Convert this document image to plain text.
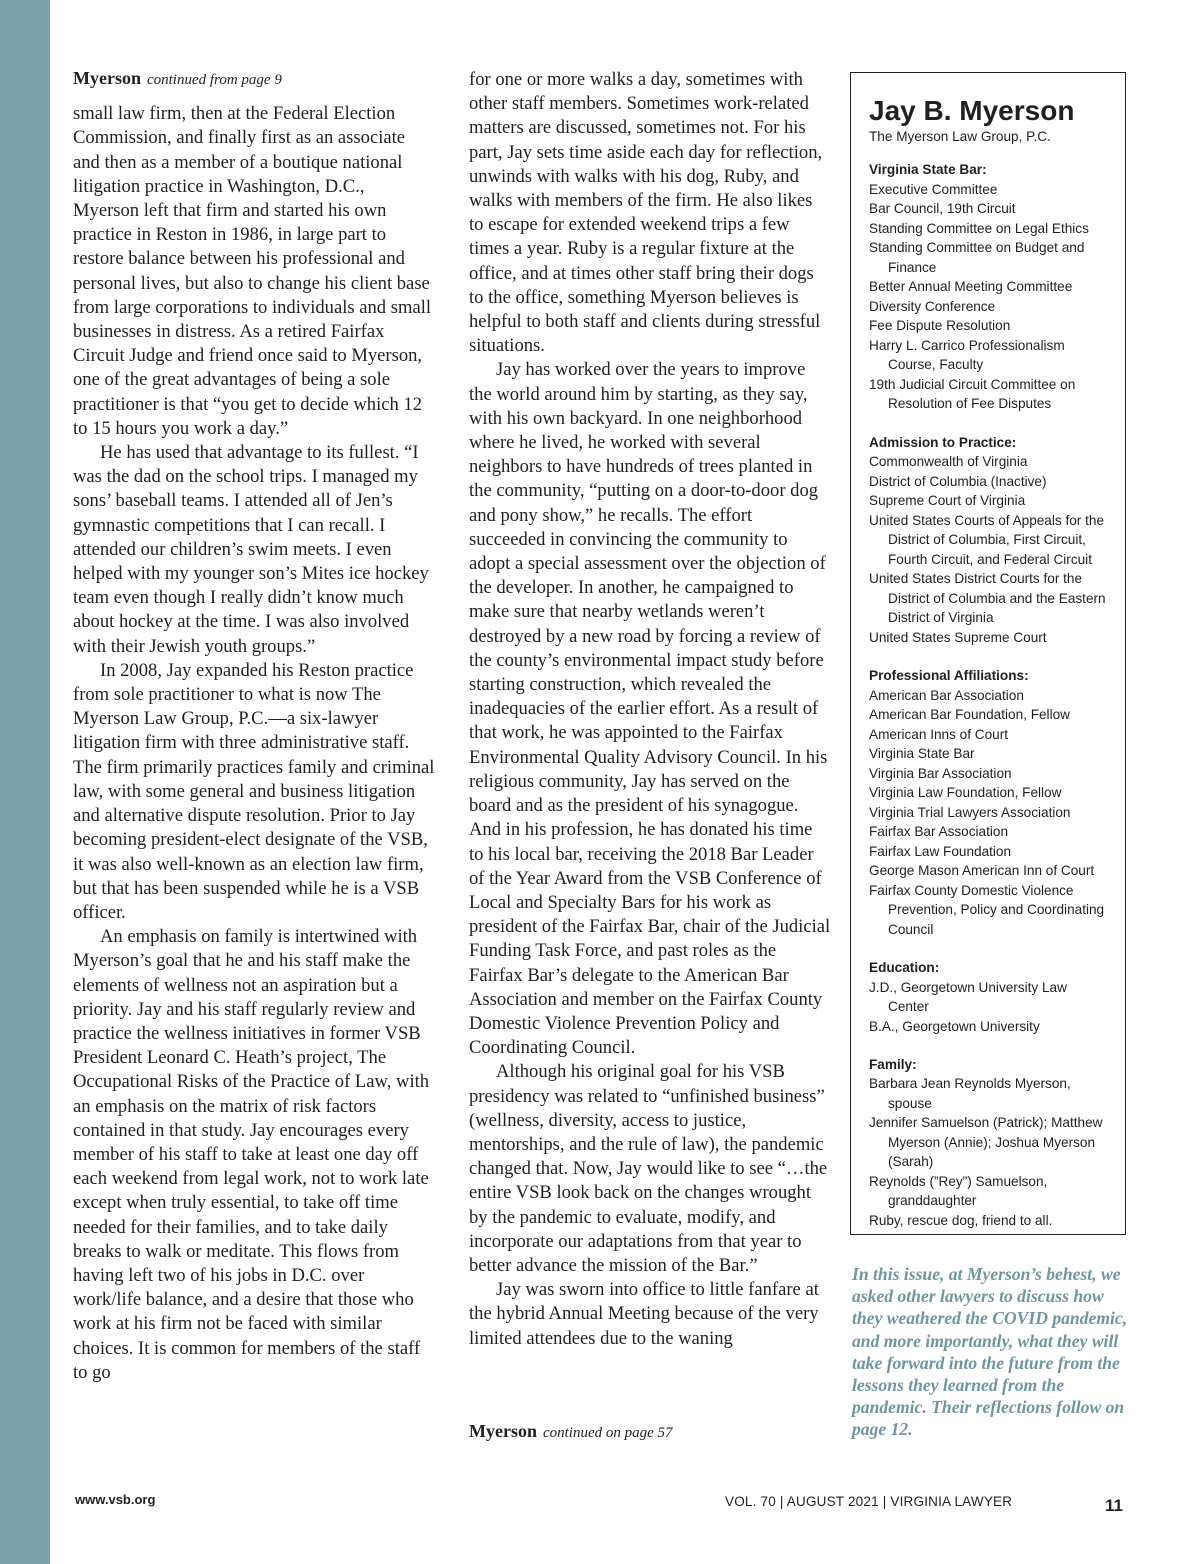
Myerson continued from page 9

small law firm, then at the Federal Election Commission, and finally first as an associate and then as a member of a boutique national litigation practice in Washington, D.C., Myerson left that firm and started his own practice in Reston in 1986, in large part to restore balance between his professional and personal lives, but also to change his client base from large corporations to individuals and small businesses in distress. As a retired Fairfax Circuit Judge and friend once said to Myerson, one of the great advantages of being a sole practitioner is that “you get to decide which 12 to 15 hours you work a day.”

He has used that advantage to its fullest. “I was the dad on the school trips. I managed my sons’ baseball teams. I attended all of Jen’s gymnastic competitions that I can recall. I attended our children’s swim meets. I even helped with my younger son’s Mites ice hockey team even though I really didn’t know much about hockey at the time. I was also involved with their Jewish youth groups.”

In 2008, Jay expanded his Reston practice from sole practitioner to what is now The Myerson Law Group, P.C.—a six-lawyer litigation firm with three administrative staff. The firm primarily practices family and criminal law, with some general and business litigation and alternative dispute resolution. Prior to Jay becoming president-elect designate of the VSB, it was also well-known as an election law firm, but that has been suspended while he is a VSB officer.

An emphasis on family is intertwined with Myerson’s goal that he and his staff make the elements of wellness not an aspiration but a priority. Jay and his staff regularly review and practice the wellness initiatives in former VSB President Leonard C. Heath’s project, The Occupational Risks of the Practice of Law, with an emphasis on the matrix of risk factors contained in that study. Jay encourages every member of his staff to take at least one day off each weekend from legal work, not to work late except when truly essential, to take off time needed for their families, and to take daily breaks to walk or meditate. This flows from having left two of his jobs in D.C. over work/life balance, and a desire that those who work at his firm not be faced with similar choices. It is common for members of the staff to go

for one or more walks a day, sometimes with other staff members. Sometimes work-related matters are discussed, sometimes not. For his part, Jay sets time aside each day for reflection, unwinds with walks with his dog, Ruby, and walks with members of the firm. He also likes to escape for extended weekend trips a few times a year. Ruby is a regular fixture at the office, and at times other staff bring their dogs to the office, something Myerson believes is helpful to both staff and clients during stressful situations.

Jay has worked over the years to improve the world around him by starting, as they say, with his own backyard. In one neighborhood where he lived, he worked with several neighbors to have hundreds of trees planted in the community, “putting on a door-to-door dog and pony show,” he recalls. The effort succeeded in convincing the community to adopt a special assessment over the objection of the developer. In another, he campaigned to make sure that nearby wetlands weren’t destroyed by a new road by forcing a review of the county’s environmental impact study before starting construction, which revealed the inadequacies of the earlier effort. As a result of that work, he was appointed to the Fairfax Environmental Quality Advisory Council. In his religious community, Jay has served on the board and as the president of his synagogue. And in his profession, he has donated his time to his local bar, receiving the 2018 Bar Leader of the Year Award from the VSB Conference of Local and Specialty Bars for his work as president of the Fairfax Bar, chair of the Judicial Funding Task Force, and past roles as the Fairfax Bar’s delegate to the American Bar Association and member on the Fairfax County Domestic Violence Prevention Policy and Coordinating Council.

Although his original goal for his VSB presidency was related to “unfinished business” (wellness, diversity, access to justice, mentorships, and the rule of law), the pandemic changed that. Now, Jay would like to see “…the entire VSB look back on the changes wrought by the pandemic to evaluate, modify, and incorporate our adaptations from that year to better advance the mission of the Bar.”

Jay was sworn into office to little fanfare at the hybrid Annual Meeting because of the very limited attendees due to the waning

Myerson continued on page 57
Jay B. Myerson

The Myerson Law Group, P.C.

Virginia State Bar:

Executive Committee
Bar Council, 19th Circuit
Standing Committee on Legal Ethics
Standing Committee on Budget and Finance
Better Annual Meeting Committee
Diversity Conference
Fee Dispute Resolution
Harry L. Carrico Professionalism Course, Faculty
19th Judicial Circuit Committee on Resolution of Fee Disputes

Admission to Practice:

Commonwealth of Virginia
District of Columbia (Inactive)
Supreme Court of Virginia
United States Courts of Appeals for the District of Columbia, First Circuit, Fourth Circuit, and Federal Circuit
United States District Courts for the District of Columbia and the Eastern District of Virginia
United States Supreme Court

Professional Affiliations:

American Bar Association
American Bar Foundation, Fellow
American Inns of Court
Virginia State Bar
Virginia Bar Association
Virginia Law Foundation, Fellow
Virginia Trial Lawyers Association
Fairfax Bar Association
Fairfax Law Foundation
George Mason American Inn of Court
Fairfax County Domestic Violence Prevention, Policy and Coordinating Council

Education:

J.D., Georgetown University Law Center
B.A., Georgetown University

Family:

Barbara Jean Reynolds Myerson, spouse
Jennifer Samuelson (Patrick); Matthew Myerson (Annie); Joshua Myerson (Sarah)
Reynolds (”Rey”) Samuelson, granddaughter
Ruby, rescue dog, friend to all.

In this issue, at Myerson’s behest, we asked other lawyers to discuss how they weathered the COVID pandemic, and more importantly, what they will take forward into the future from the lessons they learned from the pandemic. Their reflections follow on page 12.

www.vsb.org	VOL. 70 | AUGUST 2021 | VIRGINIA LAWYER	11
